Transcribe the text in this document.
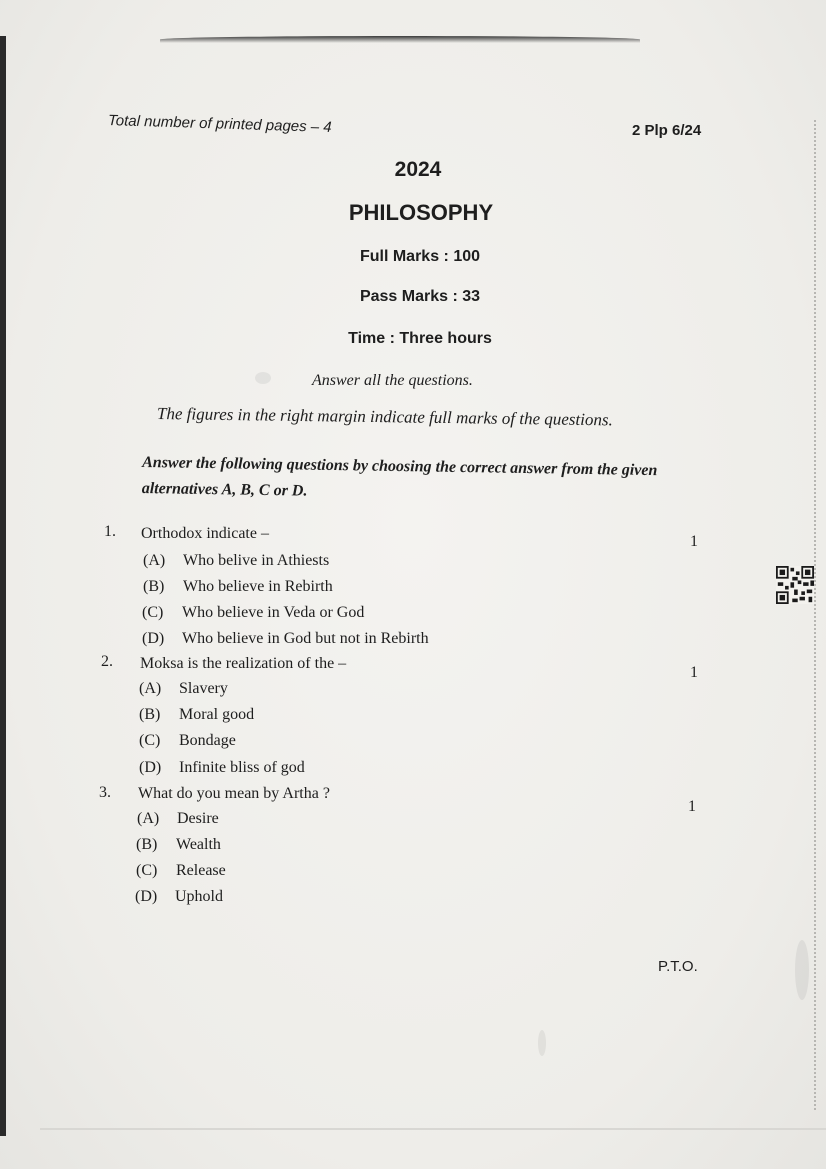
Total number of printed pages – 4	2 Plp 6/24
2024
PHILOSOPHY
Full Marks : 100
Pass Marks : 33
Time : Three hours
Answer all the questions.
The figures in the right margin indicate full marks of the questions.
Answer the following questions by choosing the correct answer from the given alternatives A, B, C or D.
1. Orthodox indicate –	1
(A) Who belive in Athiests
(B) Who believe in Rebirth
(C) Who believe in Veda or God
(D) Who believe in God but not in Rebirth
2. Moksa is the realization of the –
1
(A) Slavery
(B) Moral good
(C) Bondage
(D) Infinite bliss of god
3. What do you mean by Artha ?
1
(A) Desire
(B) Wealth
(C) Release
(D) Uphold
P.T.O.
